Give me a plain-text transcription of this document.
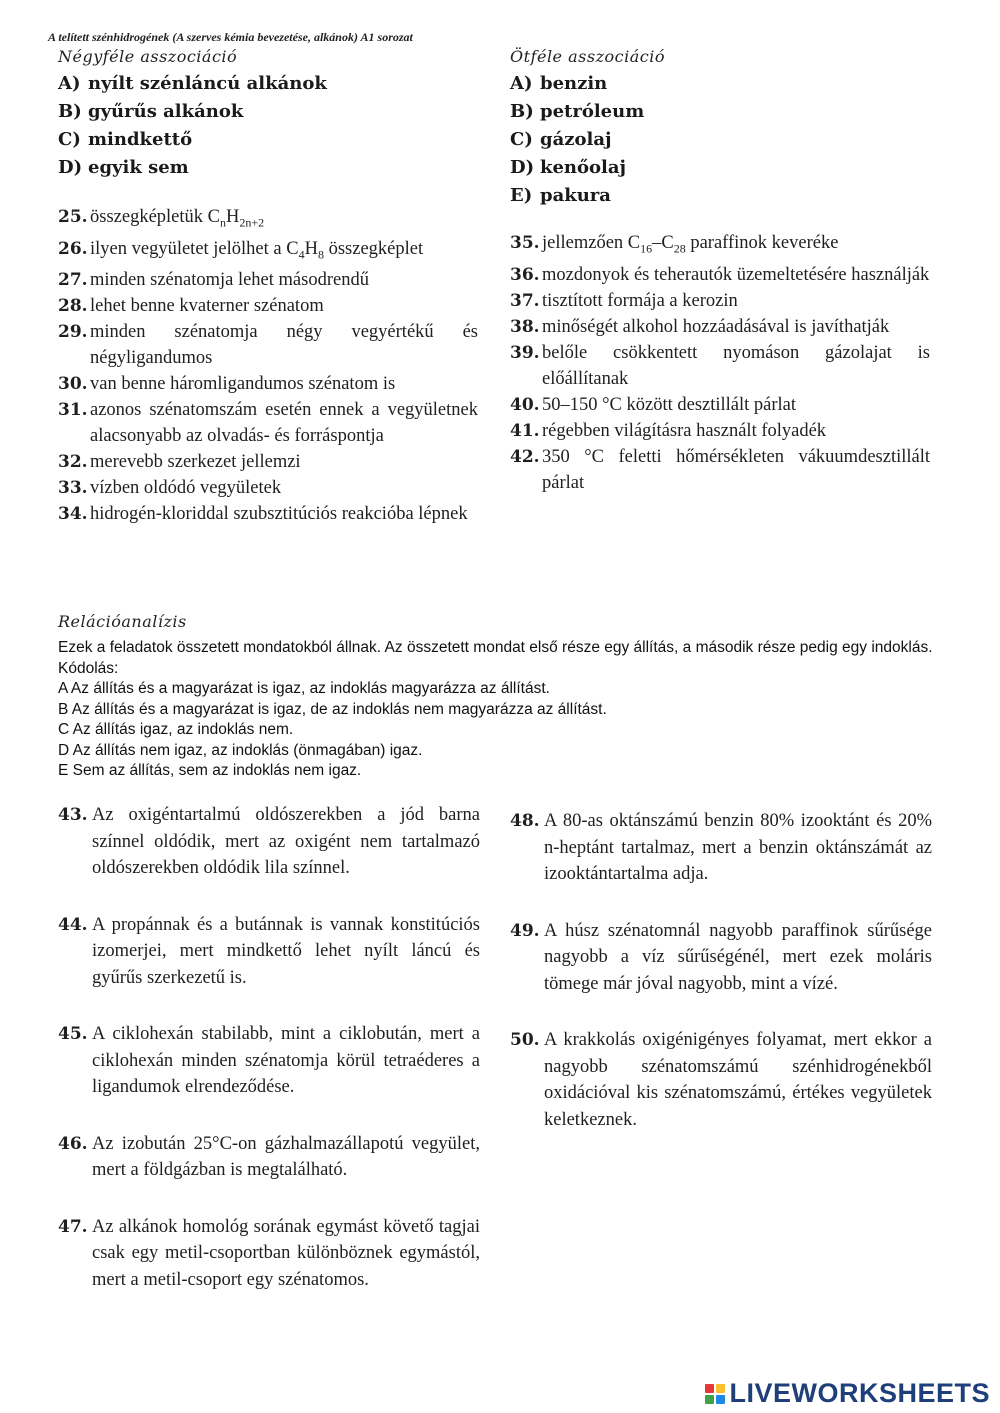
A telített szénhidrogének (A szerves kémia bevezetése, alkánok) A1 sorozat
Négyféle asszociáció	Ötféle asszociáció
A) nyílt szénláncú alkánok
B) gyűrűs alkánok
C) mindkettő
D) egyik sem
A) benzin
B) petróleum
C) gázolaj
D) kenőolaj
E) pakura
25. összegképletük $C_nH_{2n+2}$
26. ilyen vegyületet jelölhet a $C_4H_8$ összegképlet
27. minden szénatomja lehet másodrendű
28. lehet benne kvaterner szénatom
29. minden szénatomja négy vegyértékű és négyligandumos
30. van benne háromligandumos szénatom is
31. azonos szénatomszám esetén ennek a vegyületnek alacsonyabb az olvadás- és forráspontja
32. merevebb szerkezet jellemzi
33. vízben oldódó vegyületek
34. hidrogén-kloriddal szubsztitúciós reakcióba lépnek
35. jellemzően $C_{16}-C_{28}$ paraffinok keveréke
36. mozdonyok és teherautók üzemeltetésére használják
37. tisztított formája a kerozin
38. minőségét alkohol hozzáadásával is javíthatják
39. belőle csökkentett nyomáson gázolajat is előállítanak
40. 50–150 °C között desztillált párlat
41. régebben világításra használt folyadék
42. 350 °C feletti hőmérsékleten vákuumdesztillált párlat
Relációanalízis

Ezek a feladatok összetett mondatokból állnak. Az összetett mondat első része egy állítás, a második része pedig egy indoklás.

Kódolás:

A Az állítás és a magyarázat is igaz, az indoklás magyarázza az állítást.

B Az állítás és a magyarázat is igaz, de az indoklás nem magyarázza az állítást.

C Az állítás igaz, az indoklás nem.

D Az állítás nem igaz, az indoklás (önmagában) igaz.

E Sem az állítás, sem az indoklás nem igaz.

43. Az oxigéntartalmú oldószerekben a jód barna színnel oldódik, mert az oxigént nem tartalmazó oldószerekben oldódik lila színnel.
44. A propánnak és a butánnak is vannak konstitúciós izomerjei, mert mindkettő lehet nyílt láncú és gyűrűs szerkezetű is.
45. A ciklohexán stabilabb, mint a ciklobután, mert a ciklohexán minden szénatomja körül tetraéderes a ligandumok elrendeződése.
46. Az izobután 25°C-on gázhalmazállapotú vegyület, mert a földgázban is megtalálható.
47. Az alkánok homológ sorának egymást követő tagjai csak egy metil-csoportban különböznek egymástól, mert a metil-csoport egy szénatomos.
48. A 80-as oktánszámú benzin 80% izooktánt és 20% n-heptánt tartalmaz, mert a benzin oktánszámát az izooktántartalma adja.
49. A húsz szénatomnál nagyobb paraffinok sűrűsége nagyobb a víz sűrűségénél, mert ezek moláris tömege már jóval nagyobb, mint a vízé.
50. A krakkolás oxigénigényes folyamat, mert ekkor a nagyobb szénatomszámú szénhidrogénekből oxidációval kis szénatomszámú, értékes vegyületek keletkeznek.
LIVEWORKSHEETS
